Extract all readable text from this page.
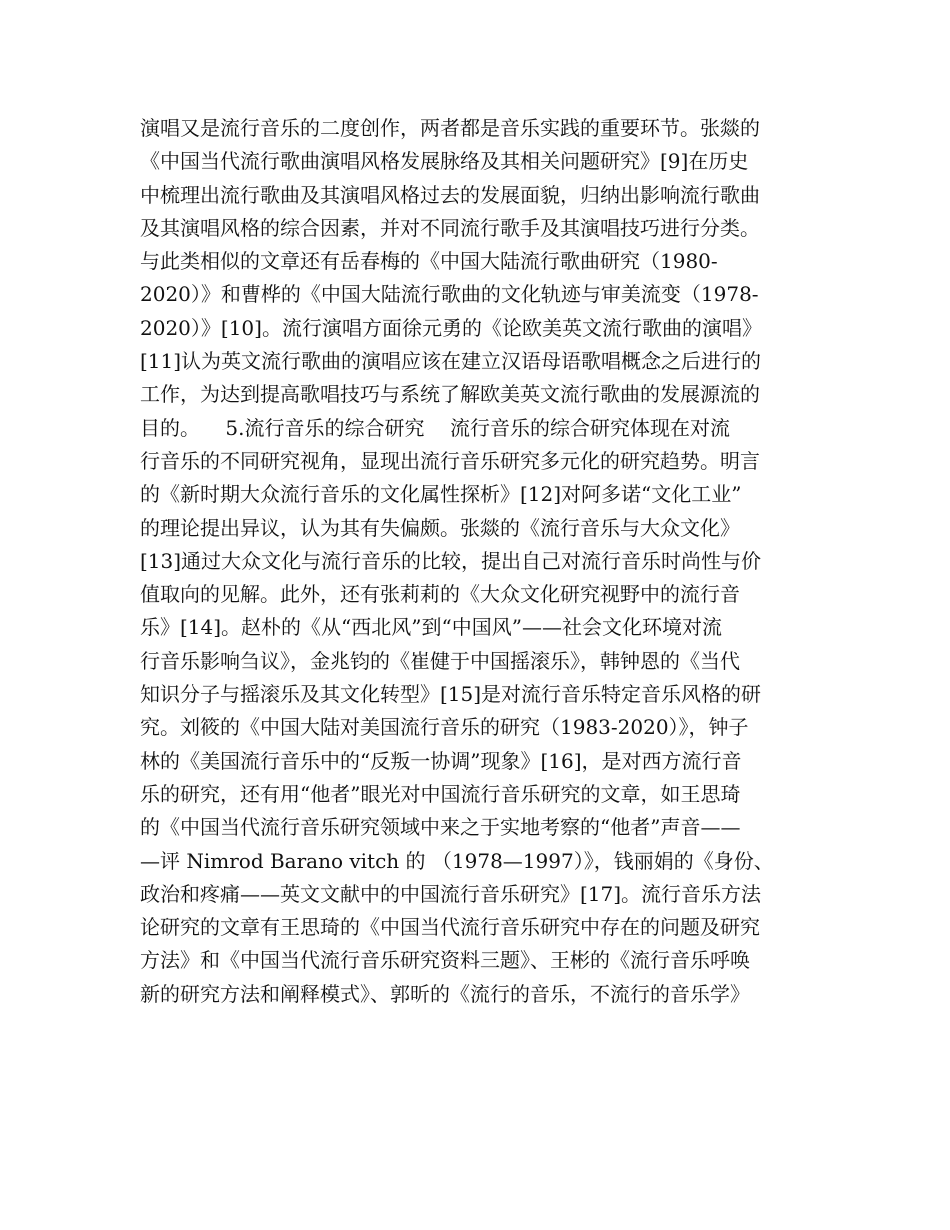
演唱又是流行音乐的二度创作，两者都是音乐实践的重要环节。张燚的
《中国当代流行歌曲演唱风格发展脉络及其相关问题研究》[9]在历史
中梳理出流行歌曲及其演唱风格过去的发展面貌，归纳出影响流行歌曲
及其演唱风格的综合因素，并对不同流行歌手及其演唱技巧进行分类。
与此类相似的文章还有岳春梅的《中国大陆流行歌曲研究（1980-
2020）》和曹桦的《中国大陆流行歌曲的文化轨迹与审美流变（1978-
2020）》[10]。流行演唱方面徐元勇的《论欧美英文流行歌曲的演唱》
[11]认为英文流行歌曲的演唱应该在建立汉语母语歌唱概念之后进行的
工作，为达到提高歌唱技巧与系统了解欧美英文流行歌曲的发展源流的
目的。    5.流行音乐的综合研究    流行音乐的综合研究体现在对流
行音乐的不同研究视角，显现出流行音乐研究多元化的研究趋势。明言
的《新时期大众流行音乐的文化属性探析》[12]对阿多诺“文化工业”
的理论提出异议，认为其有失偏颇。张燚的《流行音乐与大众文化》
[13]通过大众文化与流行音乐的比较，提出自己对流行音乐时尚性与价
值取向的见解。此外，还有张莉莉的《大众文化研究视野中的流行音
乐》[14]。赵朴的《从“西北风”到“中国风”——社会文化环境对流
行音乐影响刍议》，金兆钧的《崔健于中国摇滚乐》，韩钟恩的《当代
知识分子与摇滚乐及其文化转型》[15]是对流行音乐特定音乐风格的研
究。刘筱的《中国大陆对美国流行音乐的研究（1983-2020）》，钟子
林的《美国流行音乐中的“反叛一协调”现象》[16]，是对西方流行音
乐的研究，还有用“他者”眼光对中国流行音乐研究的文章，如王思琦
的《中国当代流行音乐研究领域中来之于实地考察的“他者”声音——
—评 Nimrod Barano vitch 的 （1978—1997）》，钱丽娟的《身份、
政治和疼痛——英文文献中的中国流行音乐研究》[17]。流行音乐方法
论研究的文章有王思琦的《中国当代流行音乐研究中存在的问题及研究
方法》和《中国当代流行音乐研究资料三题》、王彬的《流行音乐呼唤
新的研究方法和阐释模式》、郭昕的《流行的音乐，不流行的音乐学》
